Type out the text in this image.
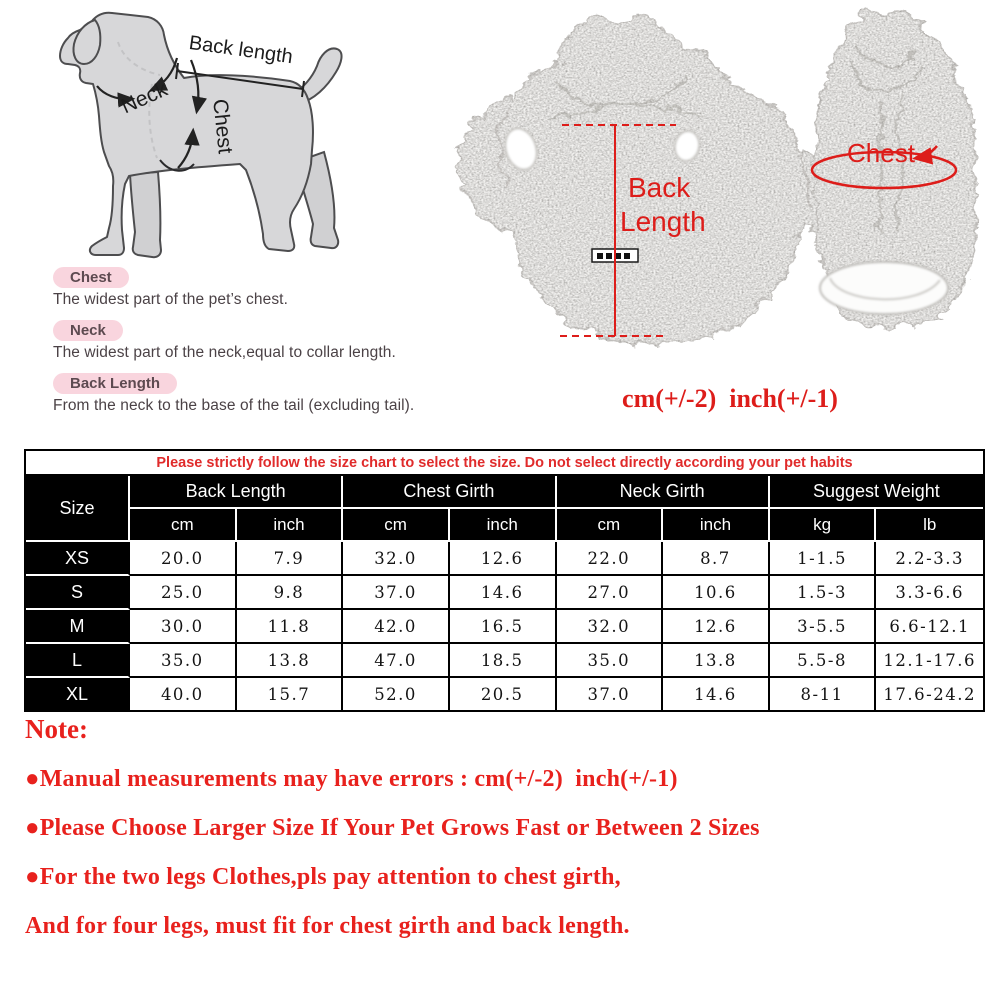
Back length
Neck Chest
Back
Length
Chest
cm(+/-2)  inch(+/-1)
Chest
The widest part of the pet’s chest.
Neck
The widest part of the neck,equal to collar length.
Back Length
From the neck to the base of the tail (excluding tail).
Please strictly follow the size chart to select the size. Do not select directly according your pet habits								
Size	Back Length		Chest Girth		Neck Girth		Suggest Weight	
	cm	inch	cm	inch	cm	inch	kg	lb
XS	20.0	7.9	32.0	12.6	22.0	8.7	1-1.5	2.2-3.3
S	25.0	9.8	37.0	14.6	27.0	10.6	1.5-3	3.3-6.6
M	30.0	11.8	42.0	16.5	32.0	12.6	3-5.5	6.6-12.1
L	35.0	13.8	47.0	18.5	35.0	13.8	5.5-8	12.1-17.6
XL	40.0	15.7	52.0	20.5	37.0	14.6	8-11	17.6-24.2
Note:
●Manual measurements may have errors : cm(+/-2)  inch(+/-1)
●Please Choose Larger Size If Your Pet Grows Fast or Between 2 Sizes
●For the two legs Clothes,pls pay attention to chest girth,
And for four legs, must fit for chest girth and back length.
